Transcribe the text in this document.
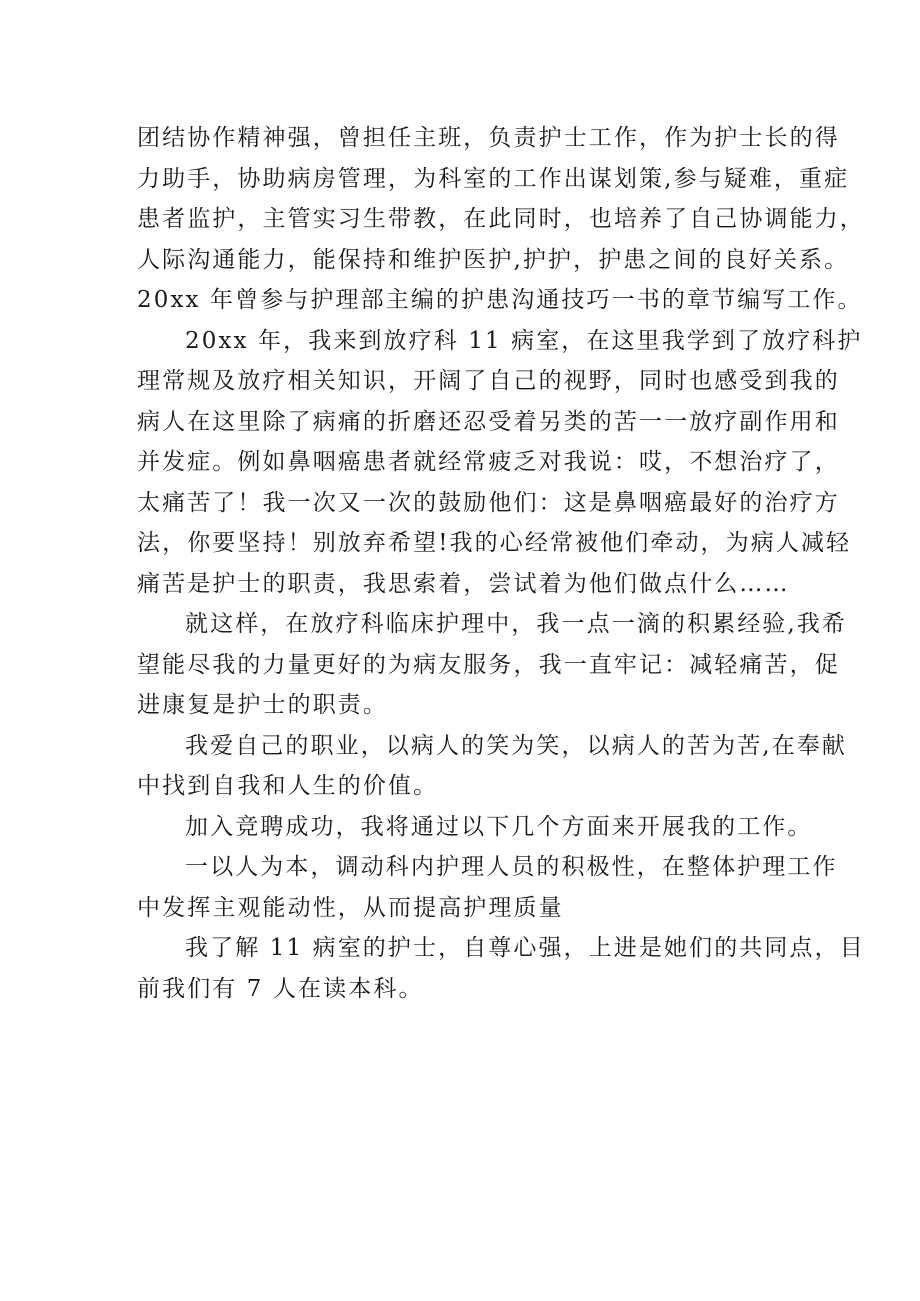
团结协作精神强，曾担任主班，负责护士工作，作为护士长的得
力助手，协助病房管理，为科室的工作出谋划策,参与疑难，重症
患者监护，主管实习生带教，在此同时，也培养了自己协调能力，
人际沟通能力，能保持和维护医护,护护，护患之间的良好关系。
20xx 年曾参与护理部主编的护患沟通技巧一书的章节编写工作。
20xx 年，我来到放疗科 11 病室，在这里我学到了放疗科护
理常规及放疗相关知识，开阔了自己的视野，同时也感受到我的
病人在这里除了病痛的折磨还忍受着另类的苦一一放疗副作用和
并发症。例如鼻咽癌患者就经常疲乏对我说：哎，不想治疗了，
太痛苦了！我一次又一次的鼓励他们：这是鼻咽癌最好的治疗方
法，你要坚持！别放弃希望!我的心经常被他们牵动，为病人减轻
痛苦是护士的职责，我思索着，尝试着为他们做点什么……
就这样，在放疗科临床护理中，我一点一滴的积累经验,我希
望能尽我的力量更好的为病友服务，我一直牢记：减轻痛苦，促
进康复是护士的职责。
我爱自己的职业，以病人的笑为笑，以病人的苦为苦,在奉献
中找到自我和人生的价值。
加入竞聘成功，我将通过以下几个方面来开展我的工作。
一以人为本，调动科内护理人员的积极性，在整体护理工作
中发挥主观能动性，从而提高护理质量
我了解 11 病室的护士，自尊心强，上进是她们的共同点，目
前我们有 7 人在读本科。
